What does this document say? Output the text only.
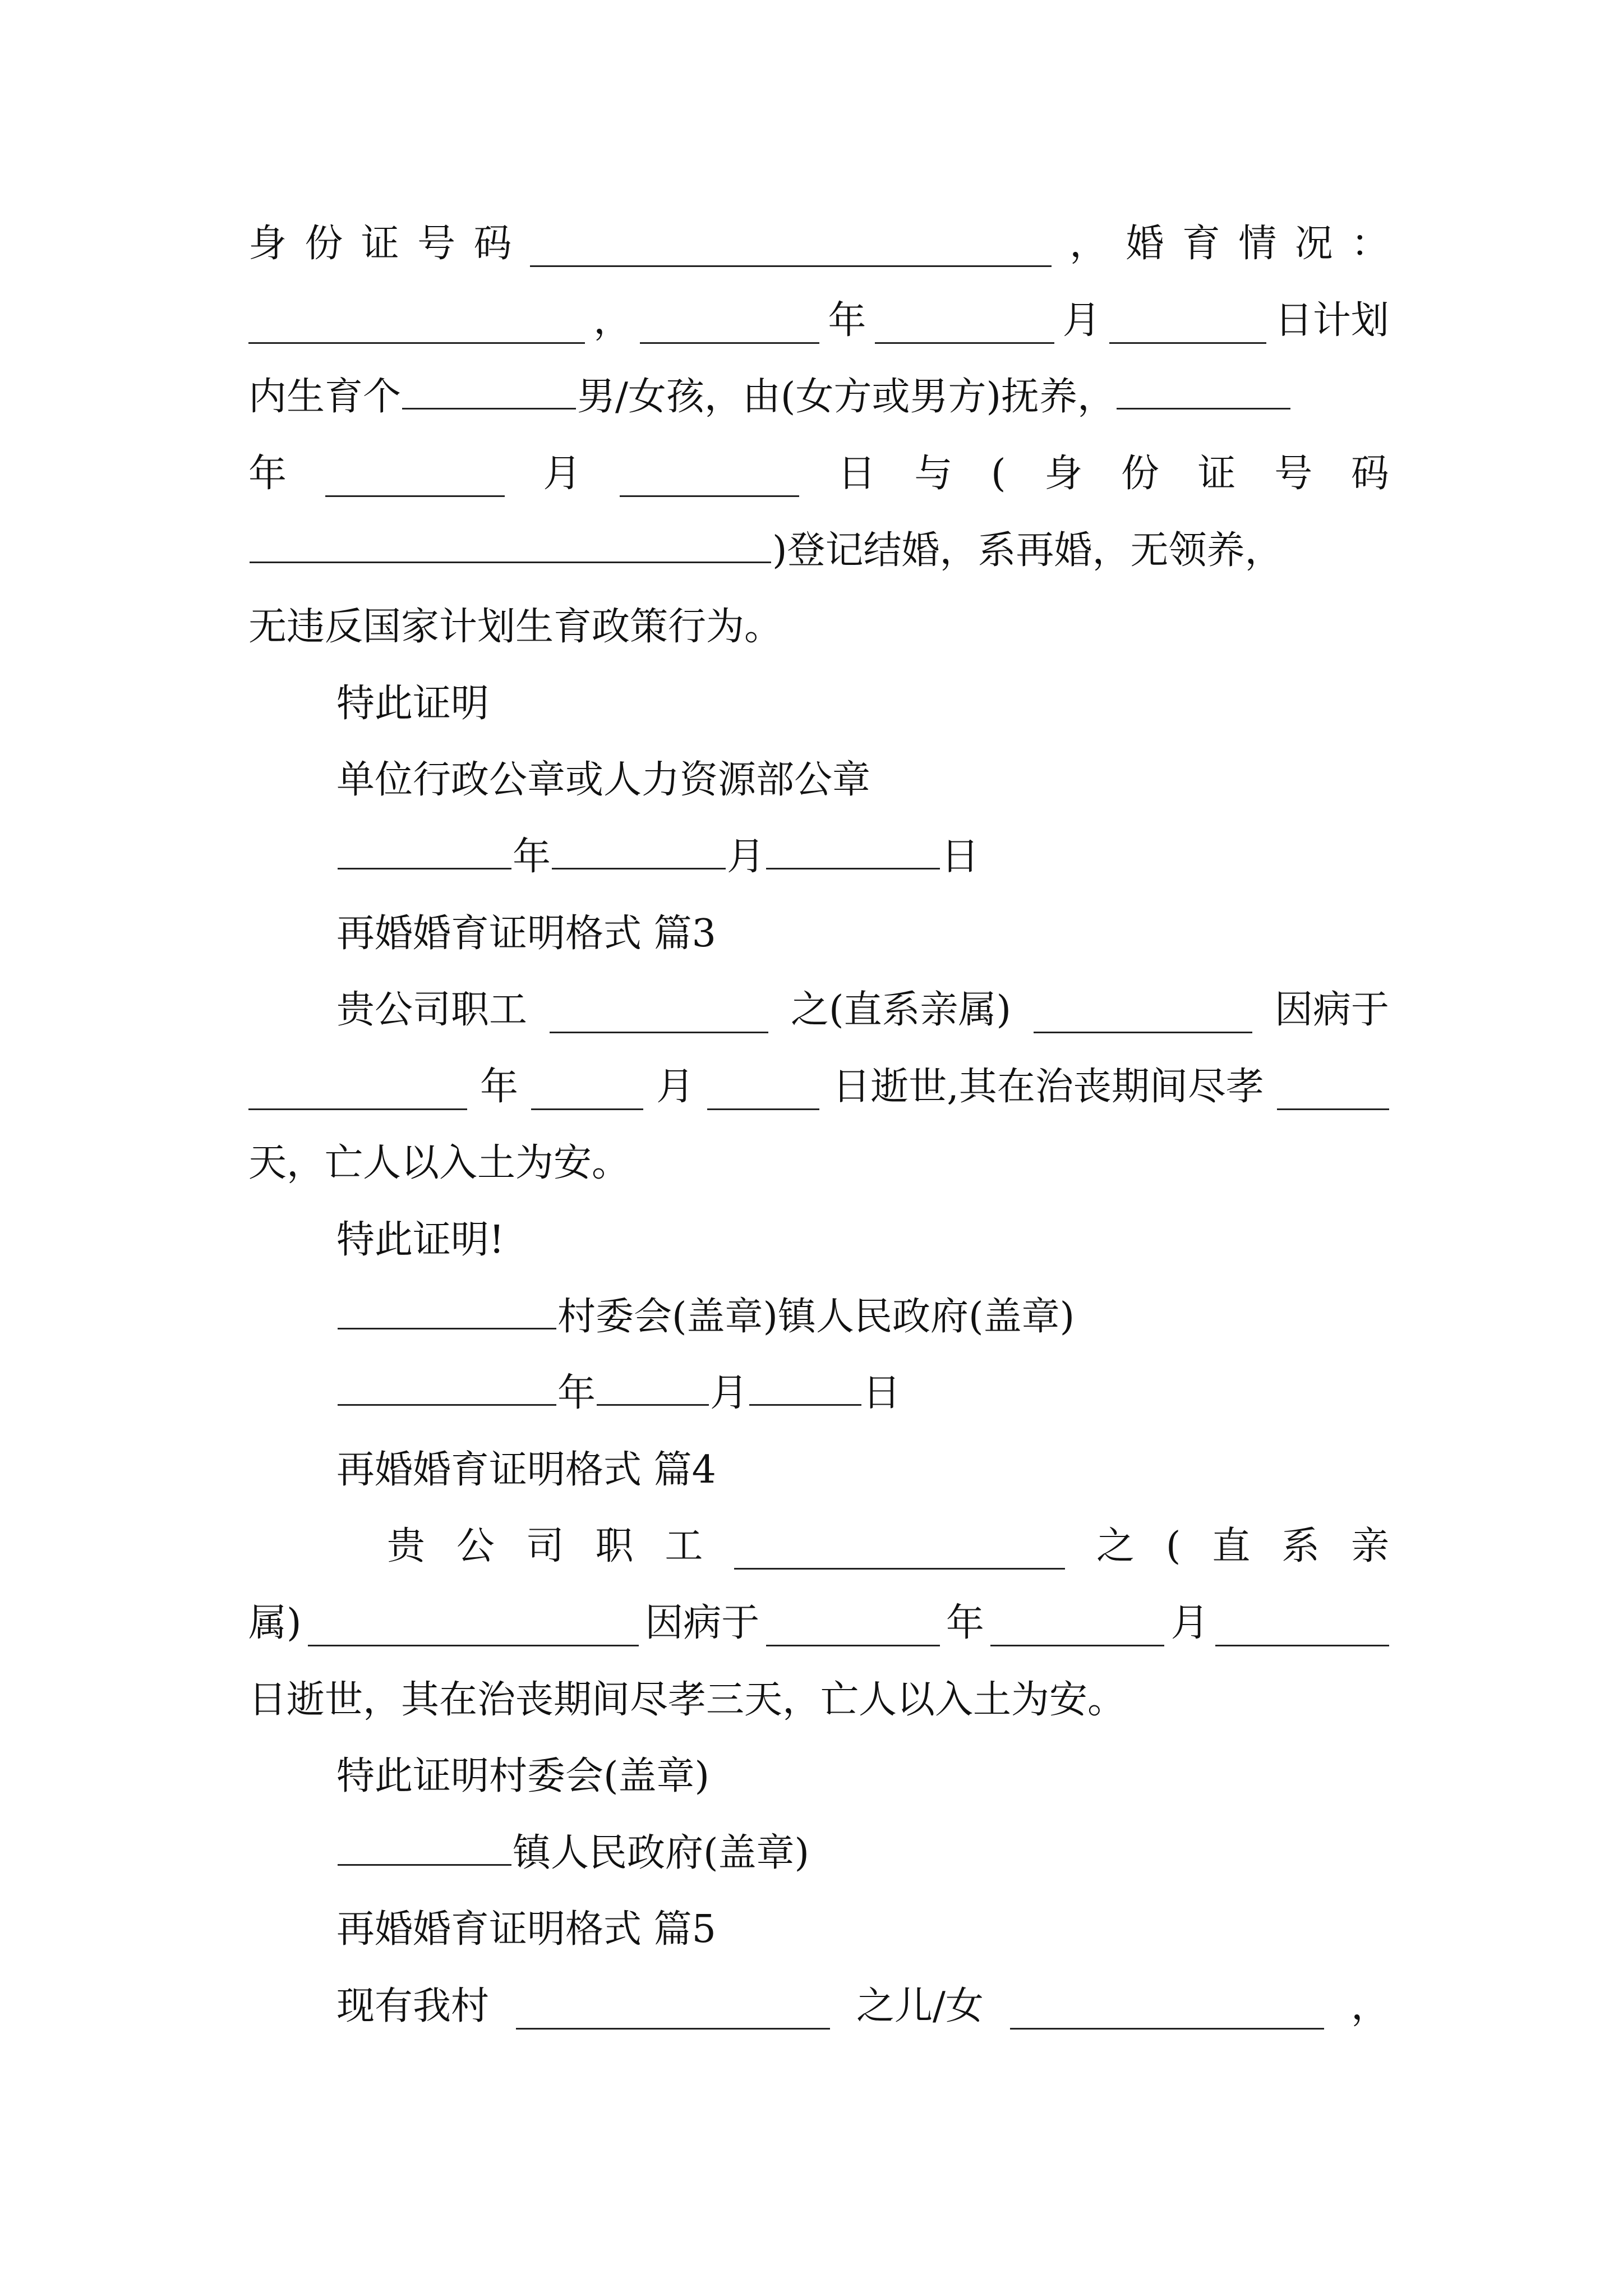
身 份 证 号 码	， 婚 育 情 况 ：
，	年	月	日计划
内生育个	男/女孩，由(女方或男方)抚养，
年	月	日 与 ( 身 份 证 号 码
)登记结婚，系再婚，无领养，
无违反国家计划生育政策行为。
特此证明
单位行政公章或人力资源部公章
年	月	日
再婚婚育证明格式 篇3
贵公司职工	之(直系亲属)	因病于
年	月	日逝世,其在治丧期间尽孝
天，亡人以入土为安。
特此证明!
村委会(盖章)镇人民政府(盖章)
年	月	日
再婚婚育证明格式 篇4
贵 公 司 职 工	之 ( 直 系 亲
属)	因病于	年	月
日逝世，其在治丧期间尽孝三天，亡人以入土为安。
特此证明村委会(盖章)
镇人民政府(盖章)
再婚婚育证明格式 篇5
现有我村	之儿/女	，
